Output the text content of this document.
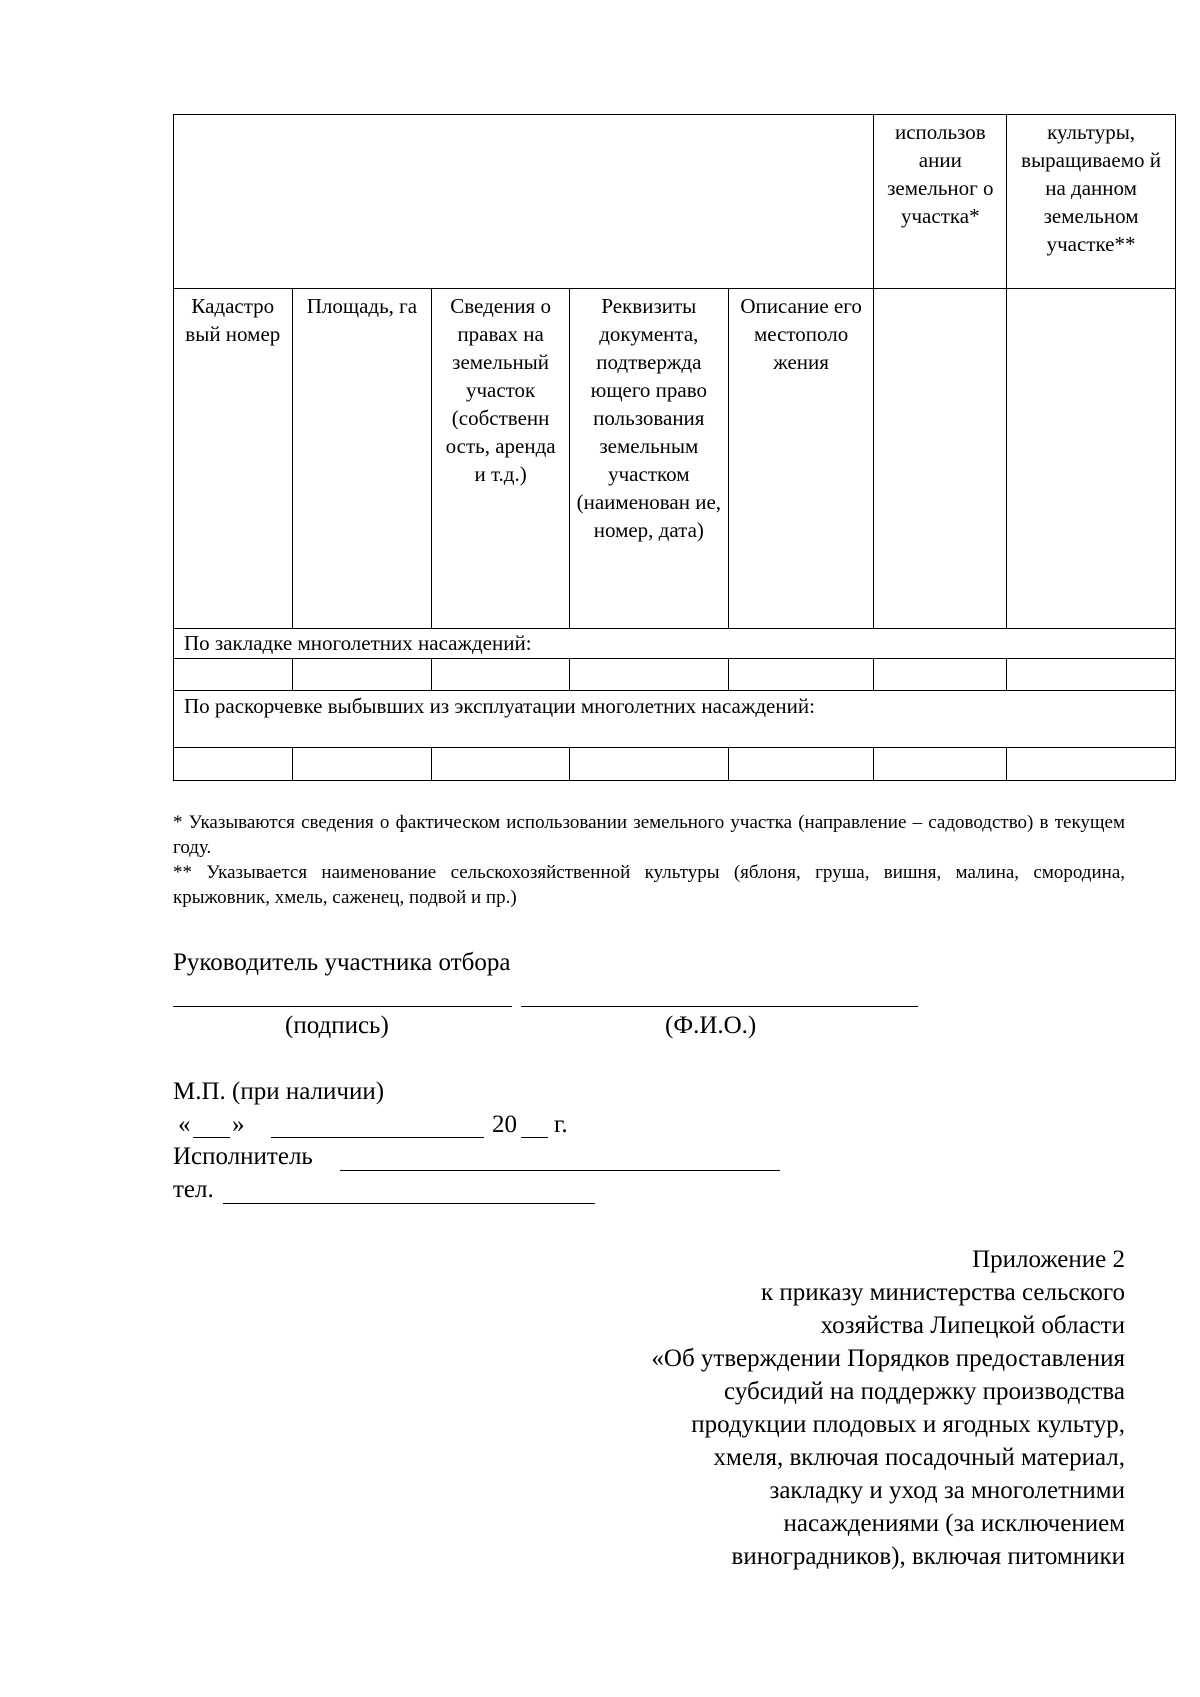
					использов ании земельног о участка*	культуры, выращиваемо й на данном земельном участке**

Кадастро вый номер	Площадь, га	Сведения о правах на земельный участок (собственн ость, аренда и т.д.)	Реквизиты документа, подтвержда ющего право пользования земельным участком (наименован ие, номер, дата)	Описание его местополо жения		

По закладке многолетних насаждений:						

По раскорчевке выбывших из эксплуатации многолетних насаждений:						

* Указываются сведения о фактическом использовании земельного участка (направление – садоводство) в текущем году.

** Указывается наименование сельскохозяйственной культуры (яблоня, груша, вишня, малина, смородина, крыжовник, хмель, саженец, подвой и пр.)

Руководитель участника отбора
(подпись)	(Ф.И.О.)
М.П. (при наличии)
« »	20 г.
Исполнитель
тел.
Приложение 2
к приказу министерства сельского
хозяйства Липецкой области
«Об утверждении Порядков предоставления
субсидий на поддержку производства
продукции плодовых и ягодных культур,
хмеля, включая посадочный материал,
закладку и уход за многолетними
насаждениями (за исключением
виноградников), включая питомники
